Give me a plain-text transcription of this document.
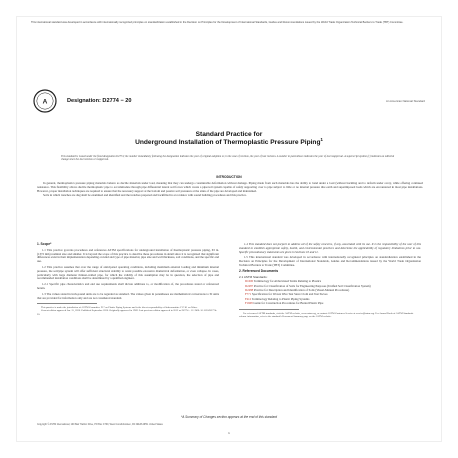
This international standard was developed in accordance with internationally recognized principles on standardization established in the Decision on Principles for the Development of International Standards, Guides and Recommendations issued by the World Trade Organization Technical Barriers to Trade (TBT) Committee.
A	Designation: D2774 − 20	An American National Standard
Standard Practice for
Underground Installation of Thermoplastic Pressure Piping$^1$
This standard is issued under the fixed designation D2774; the number immediately following the designation indicates the year of original adoption or, in the case of revision, the year of last revision. A number in parentheses indicates the year of last reapproval. A superscript epsilon (ε) indicates an editorial change since the last revision or reapproval.
INTRODUCTION

In general, thermoplastics pressure piping materials behave as ductile materials under load, meaning that they can undergo considerable deformation without damage. Piping made from such materials has the ability to bend under a load (without buckling and to deform under overy, while offering continued resistance. This flexibility allows ductile thermoplastic pipe to accommodate through pipe differential lateral soil forces which create a pipe/soil system capable of safely supporting over to pipe subject to little or no internal pressure dire earth and superimposed loads which are encountered in most pipe installations. However, proper installation techniques are required to ensure that the necessary support at the bottom and passive soil pressures at the sides of the pipe are developed and maintained.

Soils in which trenches are dug shall be examined and identified and the trenches prepared and backfilled in accordance with sound building procedures and this practice.

1. Scope*

1.1 This practice governs procedures and references ASTM specifications for underground installation of thermoplastic pressure piping, 63 in. (1372 mm) nominal size and smaller. It is beyond the scope of this practice to describe these procedures in detail since it is recognized that significant differences exist in their implementation depending on kind and type of pipe material, pipe size and wall thickness, soil conditions, and the specific end use.

1.2 This practice assumes that over the range of anticipated operating conditions, including maximum external loading and minimum internal pressure, the soil/pipe system will offer sufficient structural stability to resist possible excessive diametrical deformation, or even collapse. In cases, particularly with large diameter thinner-walled pipe, for which the validity of this assumption may be in question, the selection of pipe and recommended installation conditions shall be determined by a qualified engineer.

1.2.1 Specific pipe characteristics and end use requirements shall dictate additions to, or modification of, the procedures stated or referenced herein.

1.3 The values stated in inch-pound units are to be regarded as standard. The values given in parentheses are mathematical conversions to SI units that are provided for information only and are not considered standard.

This practice is under the jurisdiction of ASTM Committee F17 on Plastic Piping Systems and is the direct responsibility of Subcommittee F17.61 on Water.

Current edition approved Jan. 15, 2020. Published September 2020. Originally approved in 1969. Last previous edition approved in 2012 as D2774 – 12. DOI: 10.1520/D2774-20.

1.4 This standard does not purport to address all of the safety concerns, if any, associated with its use. It is the responsibility of the user of this standard to establish appropriate safety, health, and environmental practices and determine the applicability of regulatory limitations prior to use. Specific precautionary statements are given in Sections 10 and 11.

1.5 This international standard was developed in accordance with internationally recognized principles on standardization established in the Decision on Principles for the Development of International Standards, Guides and Recommendations issued by the World Trade Organization Technical Barriers to Trade (TBT) Committee.

2. Referenced Documents
2.1 ASTM Standards:
D1600 Terminology for Abbreviated Terms Relating to Plastics
D2487 Practice for Classification of Soils for Engineering Purposes (Unified Soil Classification System)
D2488 Practice for Description and Identification of Soils (Visual-Manual Procedures)
F771 Specification for Woven Wire Test Sieve Cloth and Test Sieves
F412 Terminology Relating to Plastic Piping Systems
F1668 Guide for Construction Procedures for Buried Plastic Pipe

For referenced ASTM standards, visit the ASTM website, www.astm.org, or contact ASTM Customer Service at service@astm.org. For Annual Book of ASTM Standards volume information, refer to the standard's Document Summary page on the ASTM website.

*A Summary of Changes section appears at the end of this standard
Copyright © ASTM International, 100 Barr Harbor Drive, PO Box C700, West Conshohocken, PA 19428-2959. United States
1
